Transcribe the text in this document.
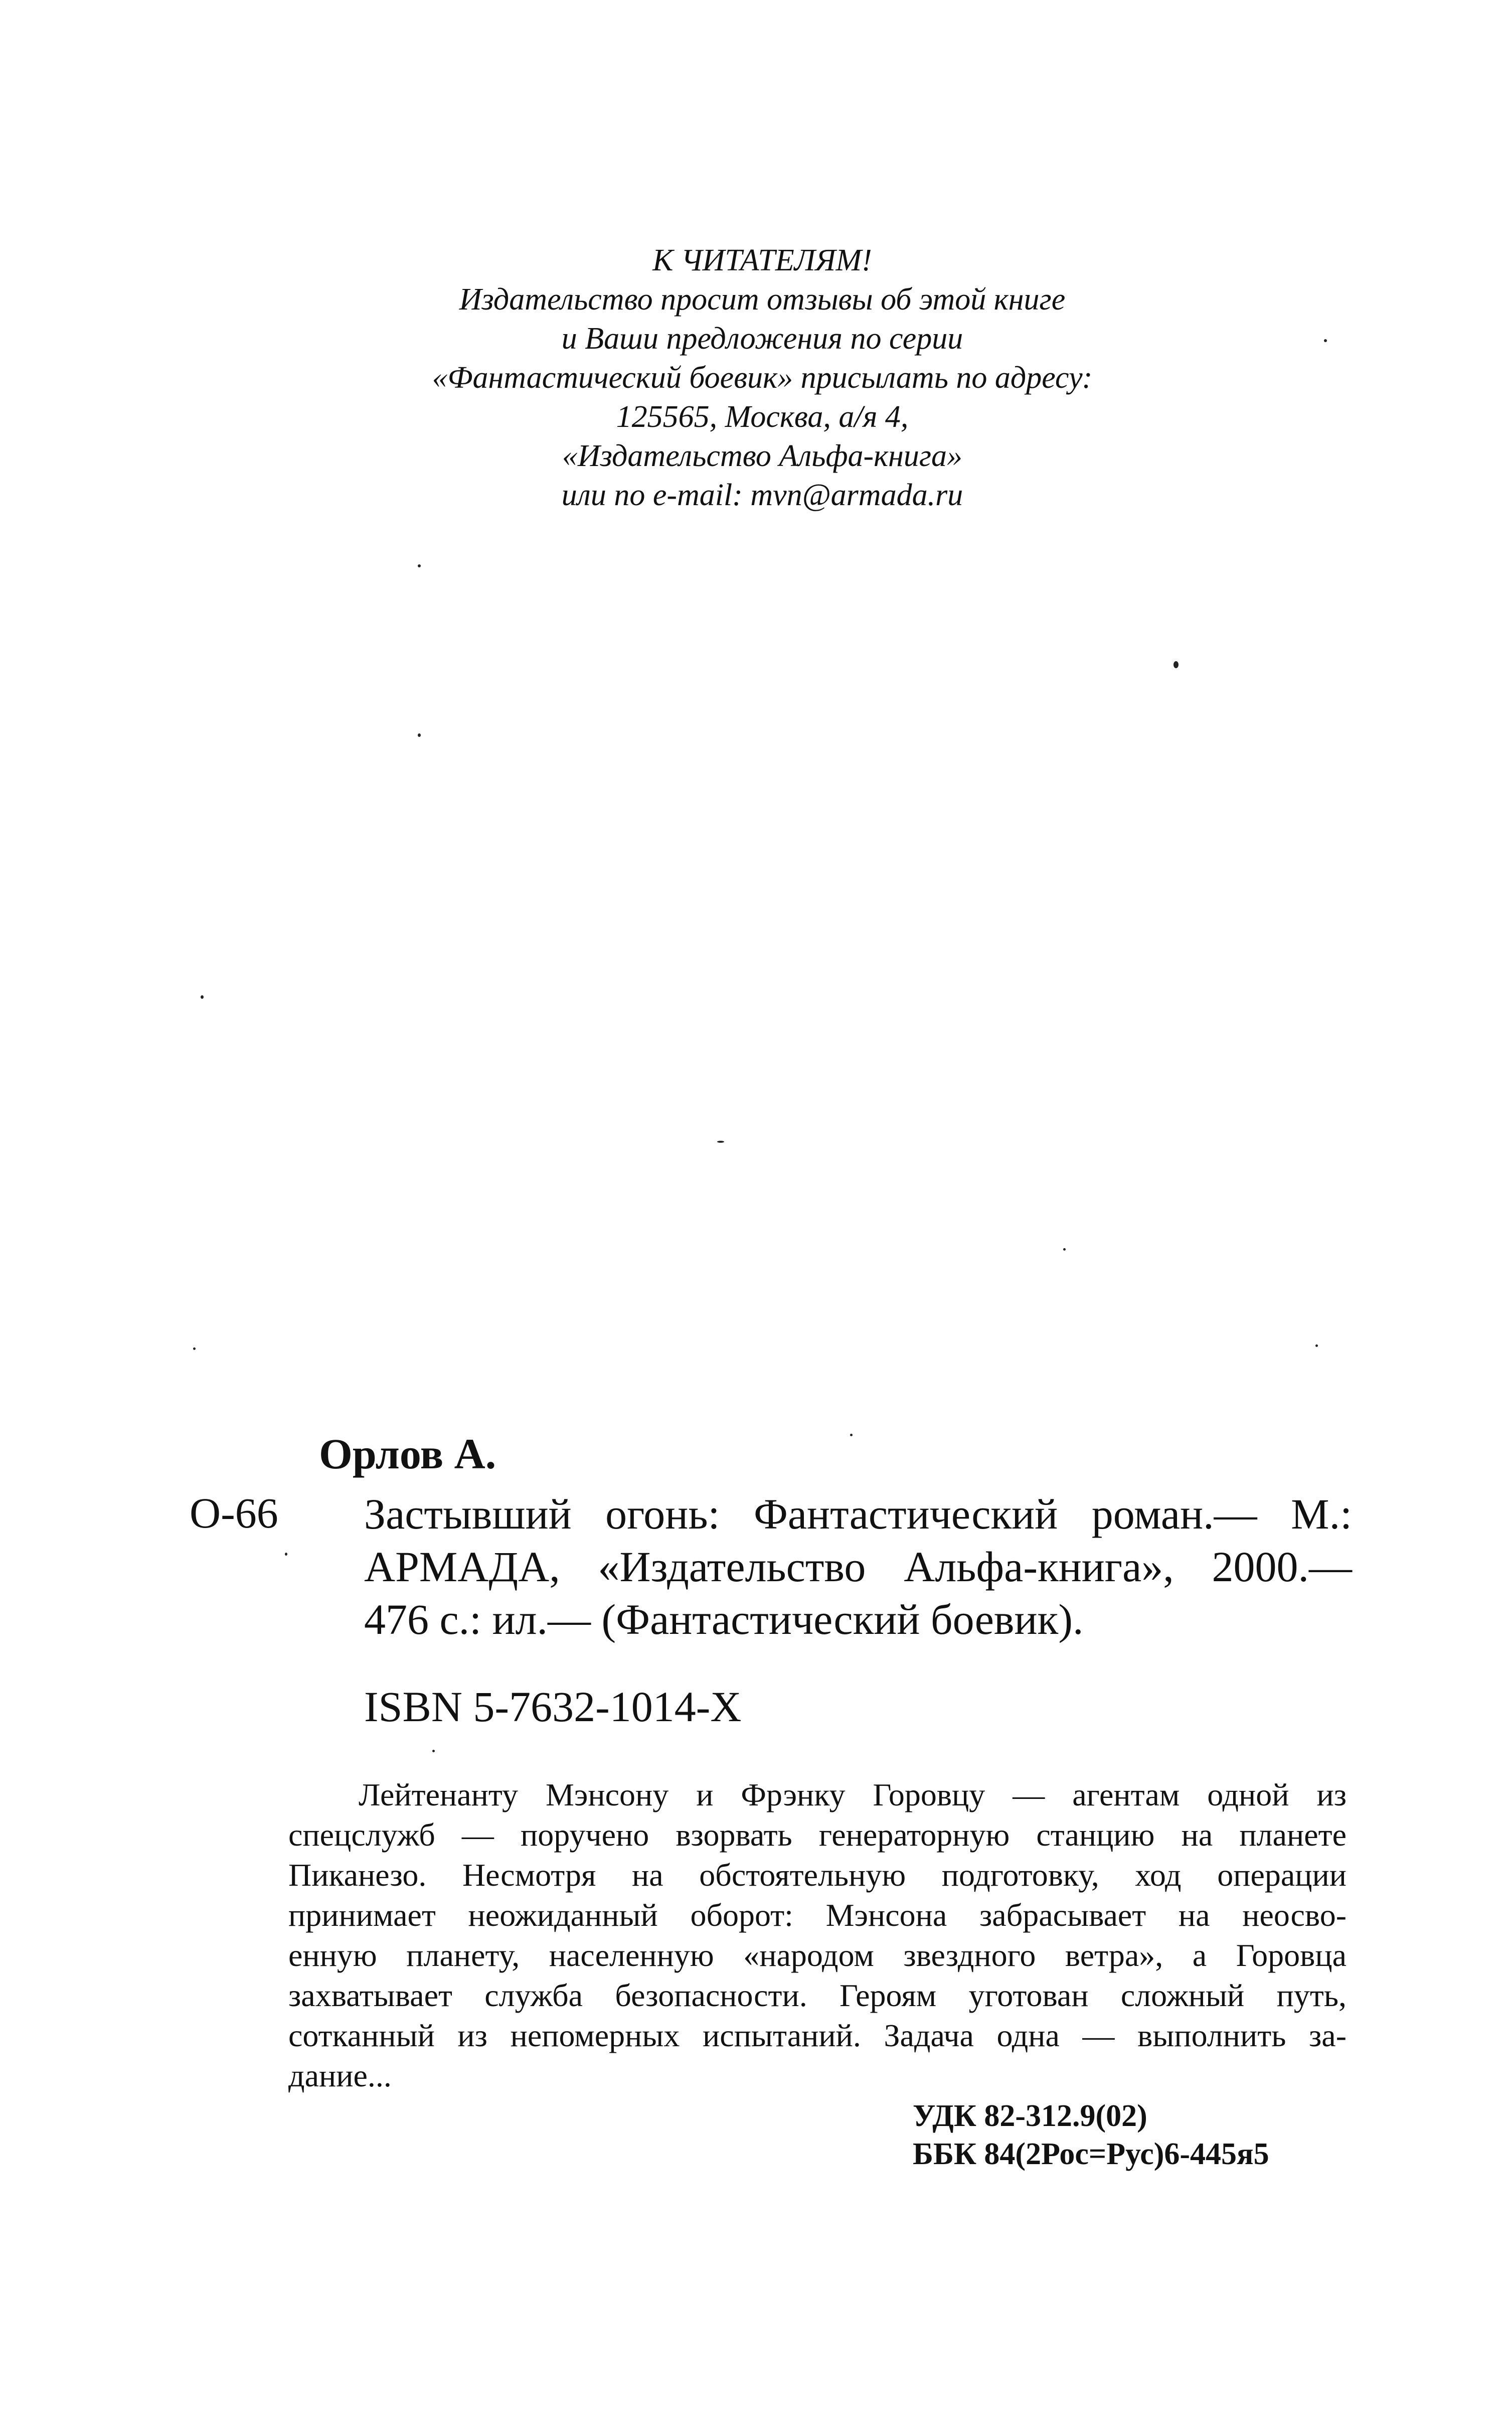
К ЧИТАТЕЛЯМ!
Издательство просит отзывы об этой книге
и Ваши предложения по серии
«Фантастический боевик» присылать по адресу:
125565, Москва, а/я 4,
«Издательство Альфа-книга»
или по e-mail: mvn@armada.ru
Орлов А.
О-66 Застывший огонь: Фантастический роман.— М.:
АРМАДА, «Издательство Альфа-книга», 2000.—
476 с.: ил.— (Фантастический боевик).
ISBN 5-7632-1014-X
Лейтенанту Мэнсону и Фрэнку Горовцу — агентам одной из
спецслужб — поручено взорвать генераторную станцию на планете
Пиканезо. Несмотря на обстоятельную подготовку, ход операции
принимает неожиданный оборот: Мэнсона забрасывает на неосво-
енную планету, населенную «народом звездного ветра», а Горовца
захватывает служба безопасности. Героям уготован сложный путь,
сотканный из непомерных испытаний. Задача одна — выполнить за-
дание...
УДК 82-312.9(02)
ББК 84(2Рос=Рус)6-445я5
